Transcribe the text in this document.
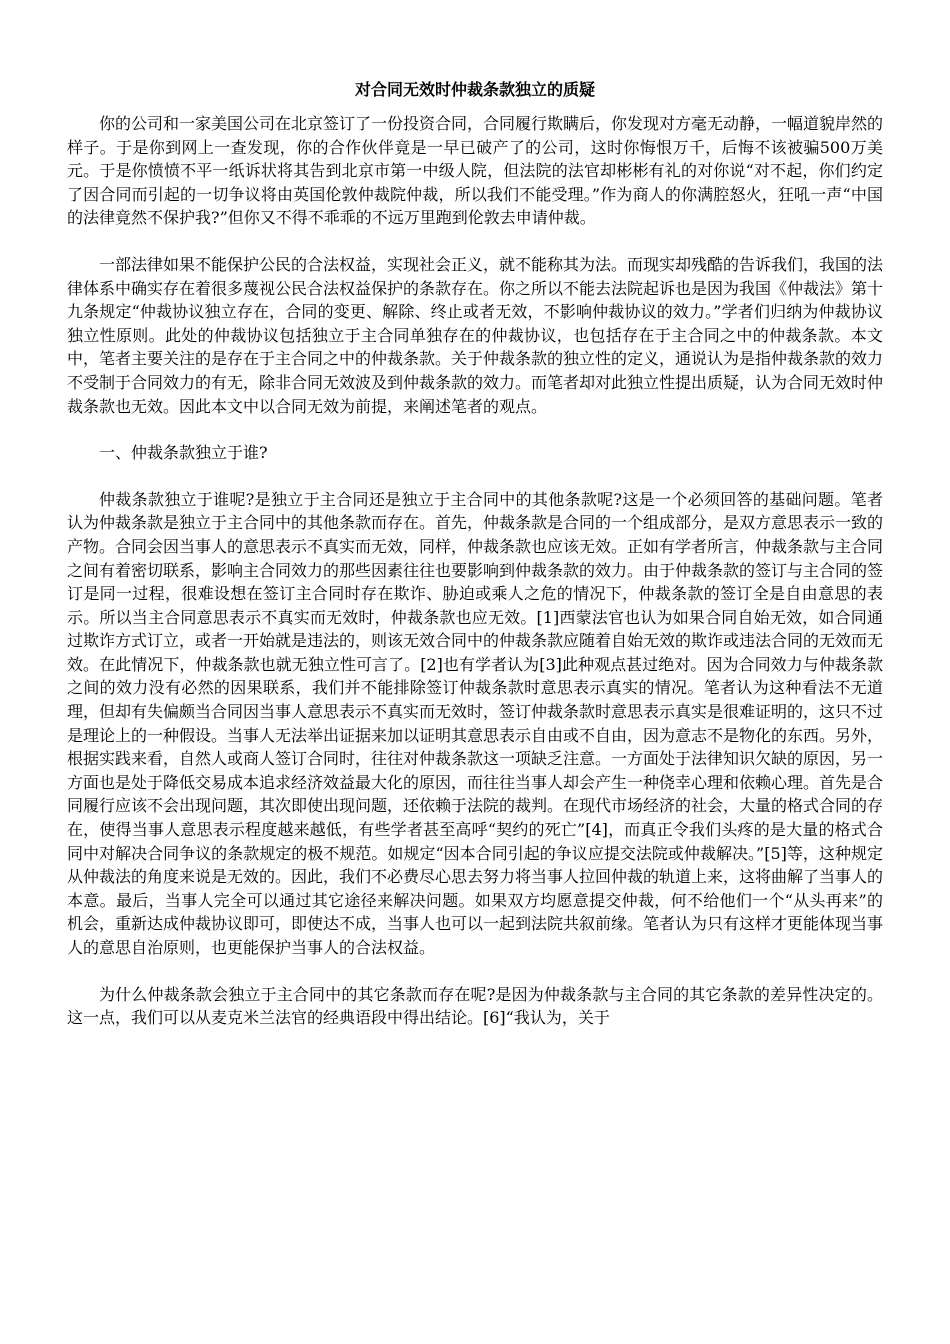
对合同无效时仲裁条款独立的质疑

你的公司和一家美国公司在北京签订了一份投资合同，合同履行欺瞒后，你发现对方毫无动静，一幅道貌岸然的样子。于是你到网上一查发现，你的合作伙伴竟是一早已破产了的公司，这时你悔恨万千，后悔不该被骗500万美元。于是你愤愤不平一纸诉状将其告到北京市第一中级人院，但法院的法官却彬彬有礼的对你说“对不起，你们约定了因合同而引起的一切争议将由英国伦敦仲裁院仲裁，所以我们不能受理。”作为商人的你满腔怒火，狂吼一声“中国的法律竟然不保护我?”但你又不得不乖乖的不远万里跑到伦敦去申请仲裁。

一部法律如果不能保护公民的合法权益，实现社会正义，就不能称其为法。而现实却残酷的告诉我们，我国的法律体系中确实存在着很多蔑视公民合法权益保护的条款存在。你之所以不能去法院起诉也是因为我国《仲裁法》第十九条规定“仲裁协议独立存在，合同的变更、解除、终止或者无效，不影响仲裁协议的效力。”学者们归纳为仲裁协议独立性原则。此处的仲裁协议包括独立于主合同单独存在的仲裁协议，也包括存在于主合同之中的仲裁条款。本文中，笔者主要关注的是存在于主合同之中的仲裁条款。关于仲裁条款的独立性的定义，通说认为是指仲裁条款的效力不受制于合同效力的有无，除非合同无效波及到仲裁条款的效力。而笔者却对此独立性提出质疑，认为合同无效时仲裁条款也无效。因此本文中以合同无效为前提，来阐述笔者的观点。

一、仲裁条款独立于谁?

仲裁条款独立于谁呢?是独立于主合同还是独立于主合同中的其他条款呢?这是一个必须回答的基础问题。笔者认为仲裁条款是独立于主合同中的其他条款而存在。首先，仲裁条款是合同的一个组成部分，是双方意思表示一致的产物。合同会因当事人的意思表示不真实而无效，同样，仲裁条款也应该无效。正如有学者所言，仲裁条款与主合同之间有着密切联系，影响主合同效力的那些因素往往也要影响到仲裁条款的效力。由于仲裁条款的签订与主合同的签订是同一过程，很难设想在签订主合同时存在欺诈、胁迫或乘人之危的情况下，仲裁条款的签订全是自由意思的表示。所以当主合同意思表示不真实而无效时，仲裁条款也应无效。[1]西蒙法官也认为如果合同自始无效，如合同通过欺诈方式订立，或者一开始就是违法的，则该无效合同中的仲裁条款应随着自始无效的欺诈或违法合同的无效而无效。在此情况下，仲裁条款也就无独立性可言了。[2]也有学者认为[3]此种观点甚过绝对。因为合同效力与仲裁条款之间的效力没有必然的因果联系，我们并不能排除签订仲裁条款时意思表示真实的情况。笔者认为这种看法不无道理，但却有失偏颇当合同因当事人意思表示不真实而无效时，签订仲裁条款时意思表示真实是很难证明的，这只不过是理论上的一种假设。当事人无法举出证据来加以证明其意思表示自由或不自由，因为意志不是物化的东西。另外，根据实践来看，自然人或商人签订合同时，往往对仲裁条款这一项缺乏注意。一方面处于法律知识欠缺的原因，另一方面也是处于降低交易成本追求经济效益最大化的原因，而往往当事人却会产生一种侥幸心理和依赖心理。首先是合同履行应该不会出现问题，其次即使出现问题，还依赖于法院的裁判。在现代市场经济的社会，大量的格式合同的存在，使得当事人意思表示程度越来越低，有些学者甚至高呼“契约的死亡”[4]，而真正令我们头疼的是大量的格式合同中对解决合同争议的条款规定的极不规范。如规定“因本合同引起的争议应提交法院或仲裁解决。”[5]等，这种规定从仲裁法的角度来说是无效的。因此，我们不必费尽心思去努力将当事人拉回仲裁的轨道上来，这将曲解了当事人的本意。最后，当事人完全可以通过其它途径来解决问题。如果双方均愿意提交仲裁，何不给他们一个“从头再来”的机会，重新达成仲裁协议即可，即使达不成，当事人也可以一起到法院共叙前缘。笔者认为只有这样才更能体现当事人的意思自治原则，也更能保护当事人的合法权益。

为什么仲裁条款会独立于主合同中的其它条款而存在呢?是因为仲裁条款与主合同的其它条款的差异性决定的。这一点，我们可以从麦克米兰法官的经典语段中得出结论。[6]“我认为，关于
